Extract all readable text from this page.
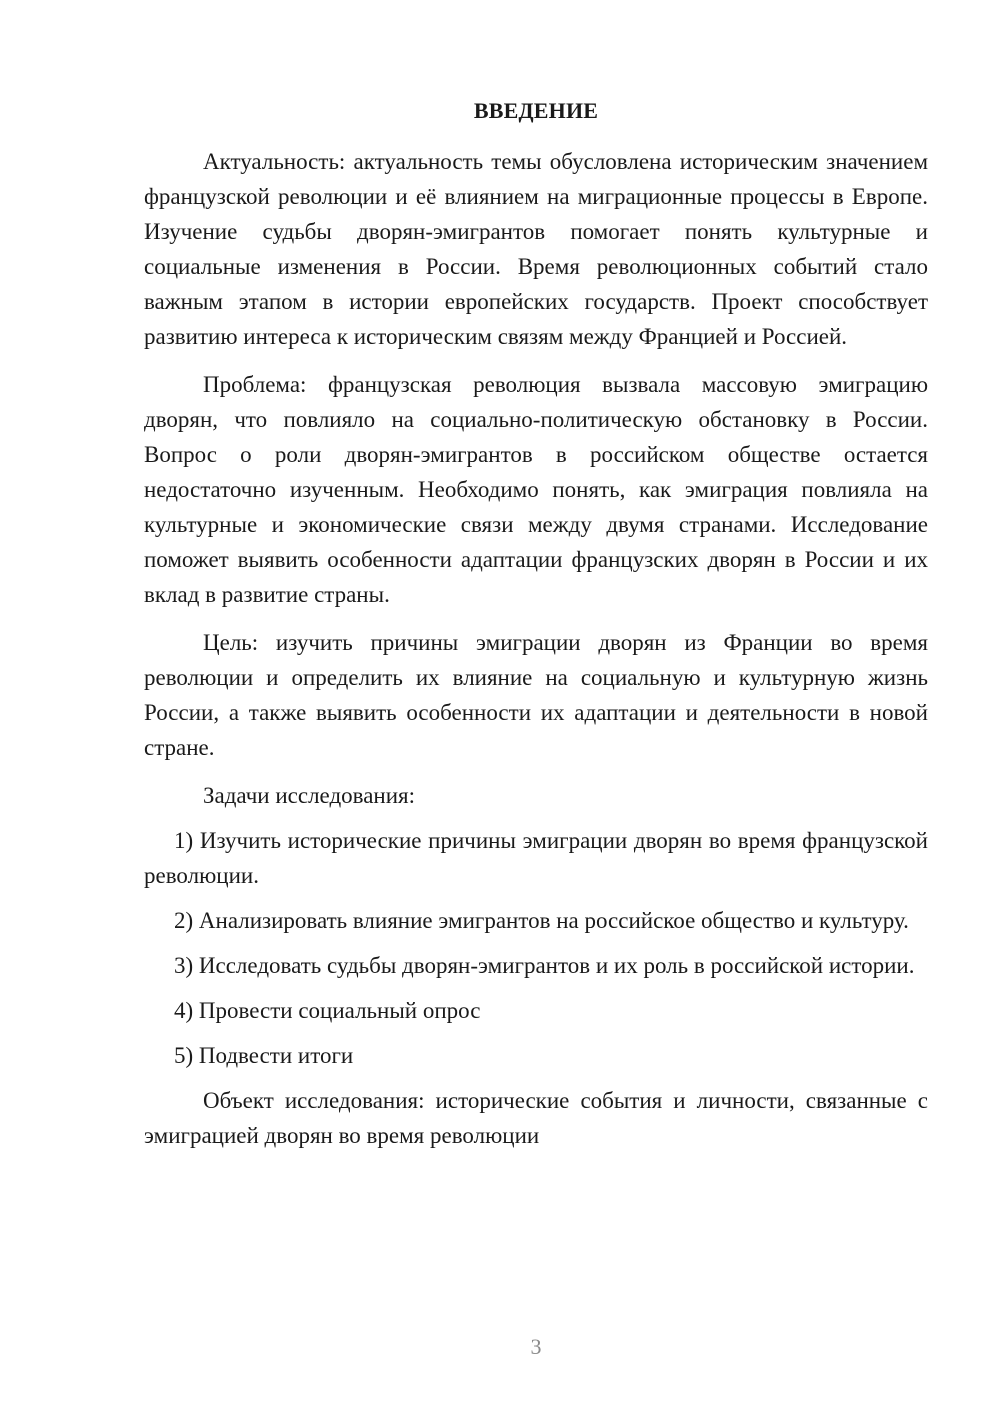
ВВЕДЕНИЕ

Актуальность: актуальность темы обусловлена историческим значением французской революции и её влиянием на миграционные процессы в Европе. Изучение судьбы дворян-эмигрантов помогает понять культурные и социальные изменения в России. Время революционных событий стало важным этапом в истории европейских государств. Проект способствует развитию интереса к историческим связям между Францией и Россией.

Проблема: французская революция вызвала массовую эмиграцию дворян, что повлияло на социально-политическую обстановку в России. Вопрос о роли дворян-эмигрантов в российском обществе остается недостаточно изученным. Необходимо понять, как эмиграция повлияла на культурные и экономические связи между двумя странами. Исследование поможет выявить особенности адаптации французских дворян в России и их вклад в развитие страны.

Цель: изучить причины эмиграции дворян из Франции во время революции и определить их влияние на социальную и культурную жизнь России, а также выявить особенности их адаптации и деятельности в новой стране.

Задачи исследования:

1) Изучить исторические причины эмиграции дворян во время французской революции.

2) Анализировать влияние эмигрантов на российское общество и культуру.

3) Исследовать судьбы дворян-эмигрантов и их роль в российской истории.

4) Провести социальный опрос

5) Подвести итоги

Объект исследования: исторические события и личности, связанные с эмиграцией дворян во время революции

3
